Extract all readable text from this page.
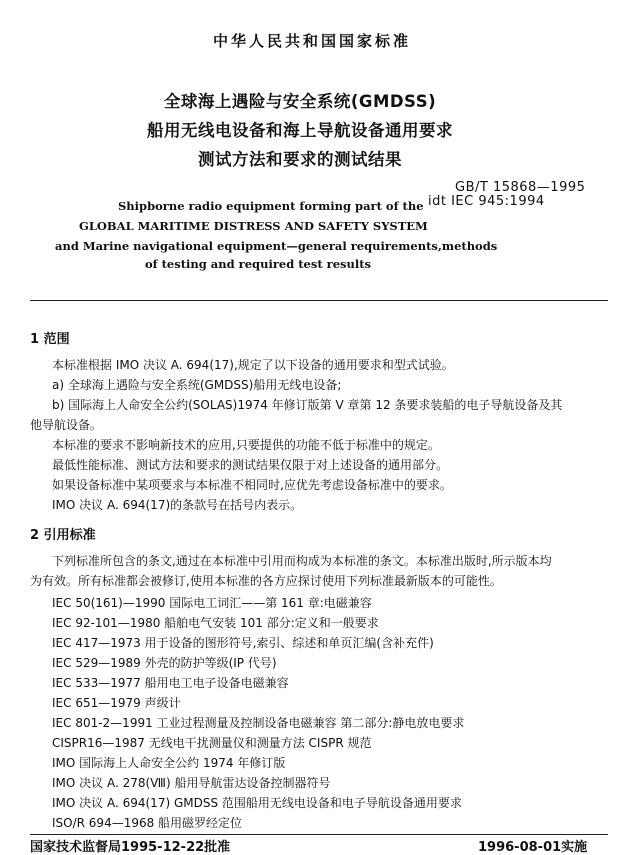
中华人民共和国国家标准
全球海上遇险与安全系统(GMDSS)
船用无线电设备和海上导航设备通用要求
测试方法和要求的测试结果
GB/T 15868—1995
idt IEC 945:1994
Shipborne radio equipment forming part of the
GLOBAL MARITIME DISTRESS AND SAFETY SYSTEM
and Marine navigational equipment—general requirements,methods
of testing and required test results
1 范围
本标准根据 IMO 决议 A. 694(17),规定了以下设备的通用要求和型式试验。
a) 全球海上遇险与安全系统(GMDSS)船用无线电设备;
b) 国际海上人命安全公约(SOLAS)1974 年修订版第 V 章第 12 条要求装船的电子导航设备及其
他导航设备。
本标准的要求不影响新技术的应用,只要提供的功能不低于标准中的规定。
最低性能标准、测试方法和要求的测试结果仅限于对上述设备的通用部分。
如果设备标准中某项要求与本标准不相同时,应优先考虑设备标准中的要求。
IMO 决议 A. 694(17)的条款号在括号内表示。
2 引用标准
下列标准所包含的条文,通过在本标准中引用而构成为本标准的条文。本标准出版时,所示版本均
为有效。所有标准都会被修订,使用本标准的各方应探讨使用下列标准最新版本的可能性。
IEC 50(161)—1990 国际电工词汇——第 161 章:电磁兼容
IEC 92-101—1980 船舶电气安装 101 部分:定义和一般要求
IEC 417—1973 用于设备的图形符号,索引、综述和单页汇编(含补充件)
IEC 529—1989 外壳的防护等级(IP 代号)
IEC 533—1977 船用电工电子设备电磁兼容
IEC 651—1979 声级计
IEC 801-2—1991 工业过程测量及控制设备电磁兼容 第二部分:静电放电要求
CISPR16—1987 无线电干扰测量仪和测量方法 CISPR 规范
IMO 国际海上人命安全公约 1974 年修订版
IMO 决议 A. 278(Ⅷ) 船用导航雷达设备控制器符号
IMO 决议 A. 694(17) GMDSS 范围船用无线电设备和电子导航设备通用要求
ISO/R 694—1968 船用磁罗经定位
国家技术监督局1995-12-22批准	1996-08-01实施
